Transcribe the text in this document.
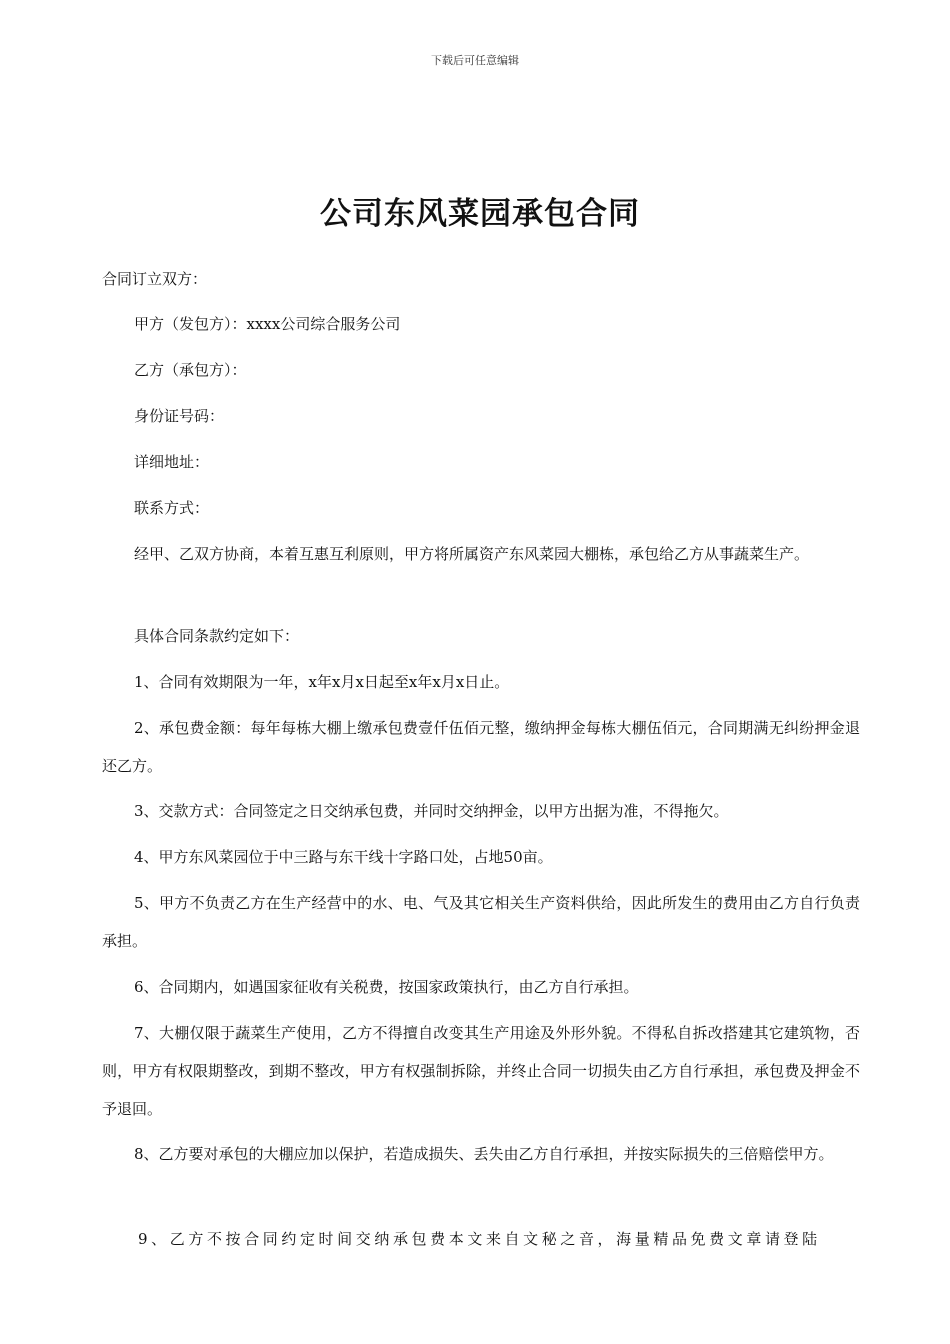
下载后可任意编辑
公司东风菜园承包合同
合同订立双方：
甲方（发包方）：xxxx公司综合服务公司
乙方（承包方）：
身份证号码：
详细地址：
联系方式：
经甲、乙双方协商，本着互惠互利原则，甲方将所属资产东风菜园大棚栋，承包给乙方从事蔬菜生产。
具体合同条款约定如下：
1、合同有效期限为一年，x年x月x日起至x年x月x日止。
2、承包费金额：每年每栋大棚上缴承包费壹仟伍佰元整，缴纳押金每栋大棚伍佰元，合同期满无纠纷押金退还乙方。
3、交款方式：合同签定之日交纳承包费，并同时交纳押金，以甲方出据为准，不得拖欠。
4、甲方东风菜园位于中三路与东干线十字路口处，占地50亩。
5、甲方不负责乙方在生产经营中的水、电、气及其它相关生产资料供给，因此所发生的费用由乙方自行负责承担。
6、合同期内，如遇国家征收有关税费，按国家政策执行，由乙方自行承担。
7、大棚仅限于蔬菜生产使用，乙方不得擅自改变其生产用途及外形外貌。不得私自拆改搭建其它建筑物，否则，甲方有权限期整改，到期不整改，甲方有权强制拆除，并终止合同一切损失由乙方自行承担，承包费及押金不予退回。
8、乙方要对承包的大棚应加以保护，若造成损失、丢失由乙方自行承担，并按实际损失的三倍赔偿甲方。
9、乙方不按合同约定时间交纳承包费本文来自文秘之音，海量精品免费文章请登陆
